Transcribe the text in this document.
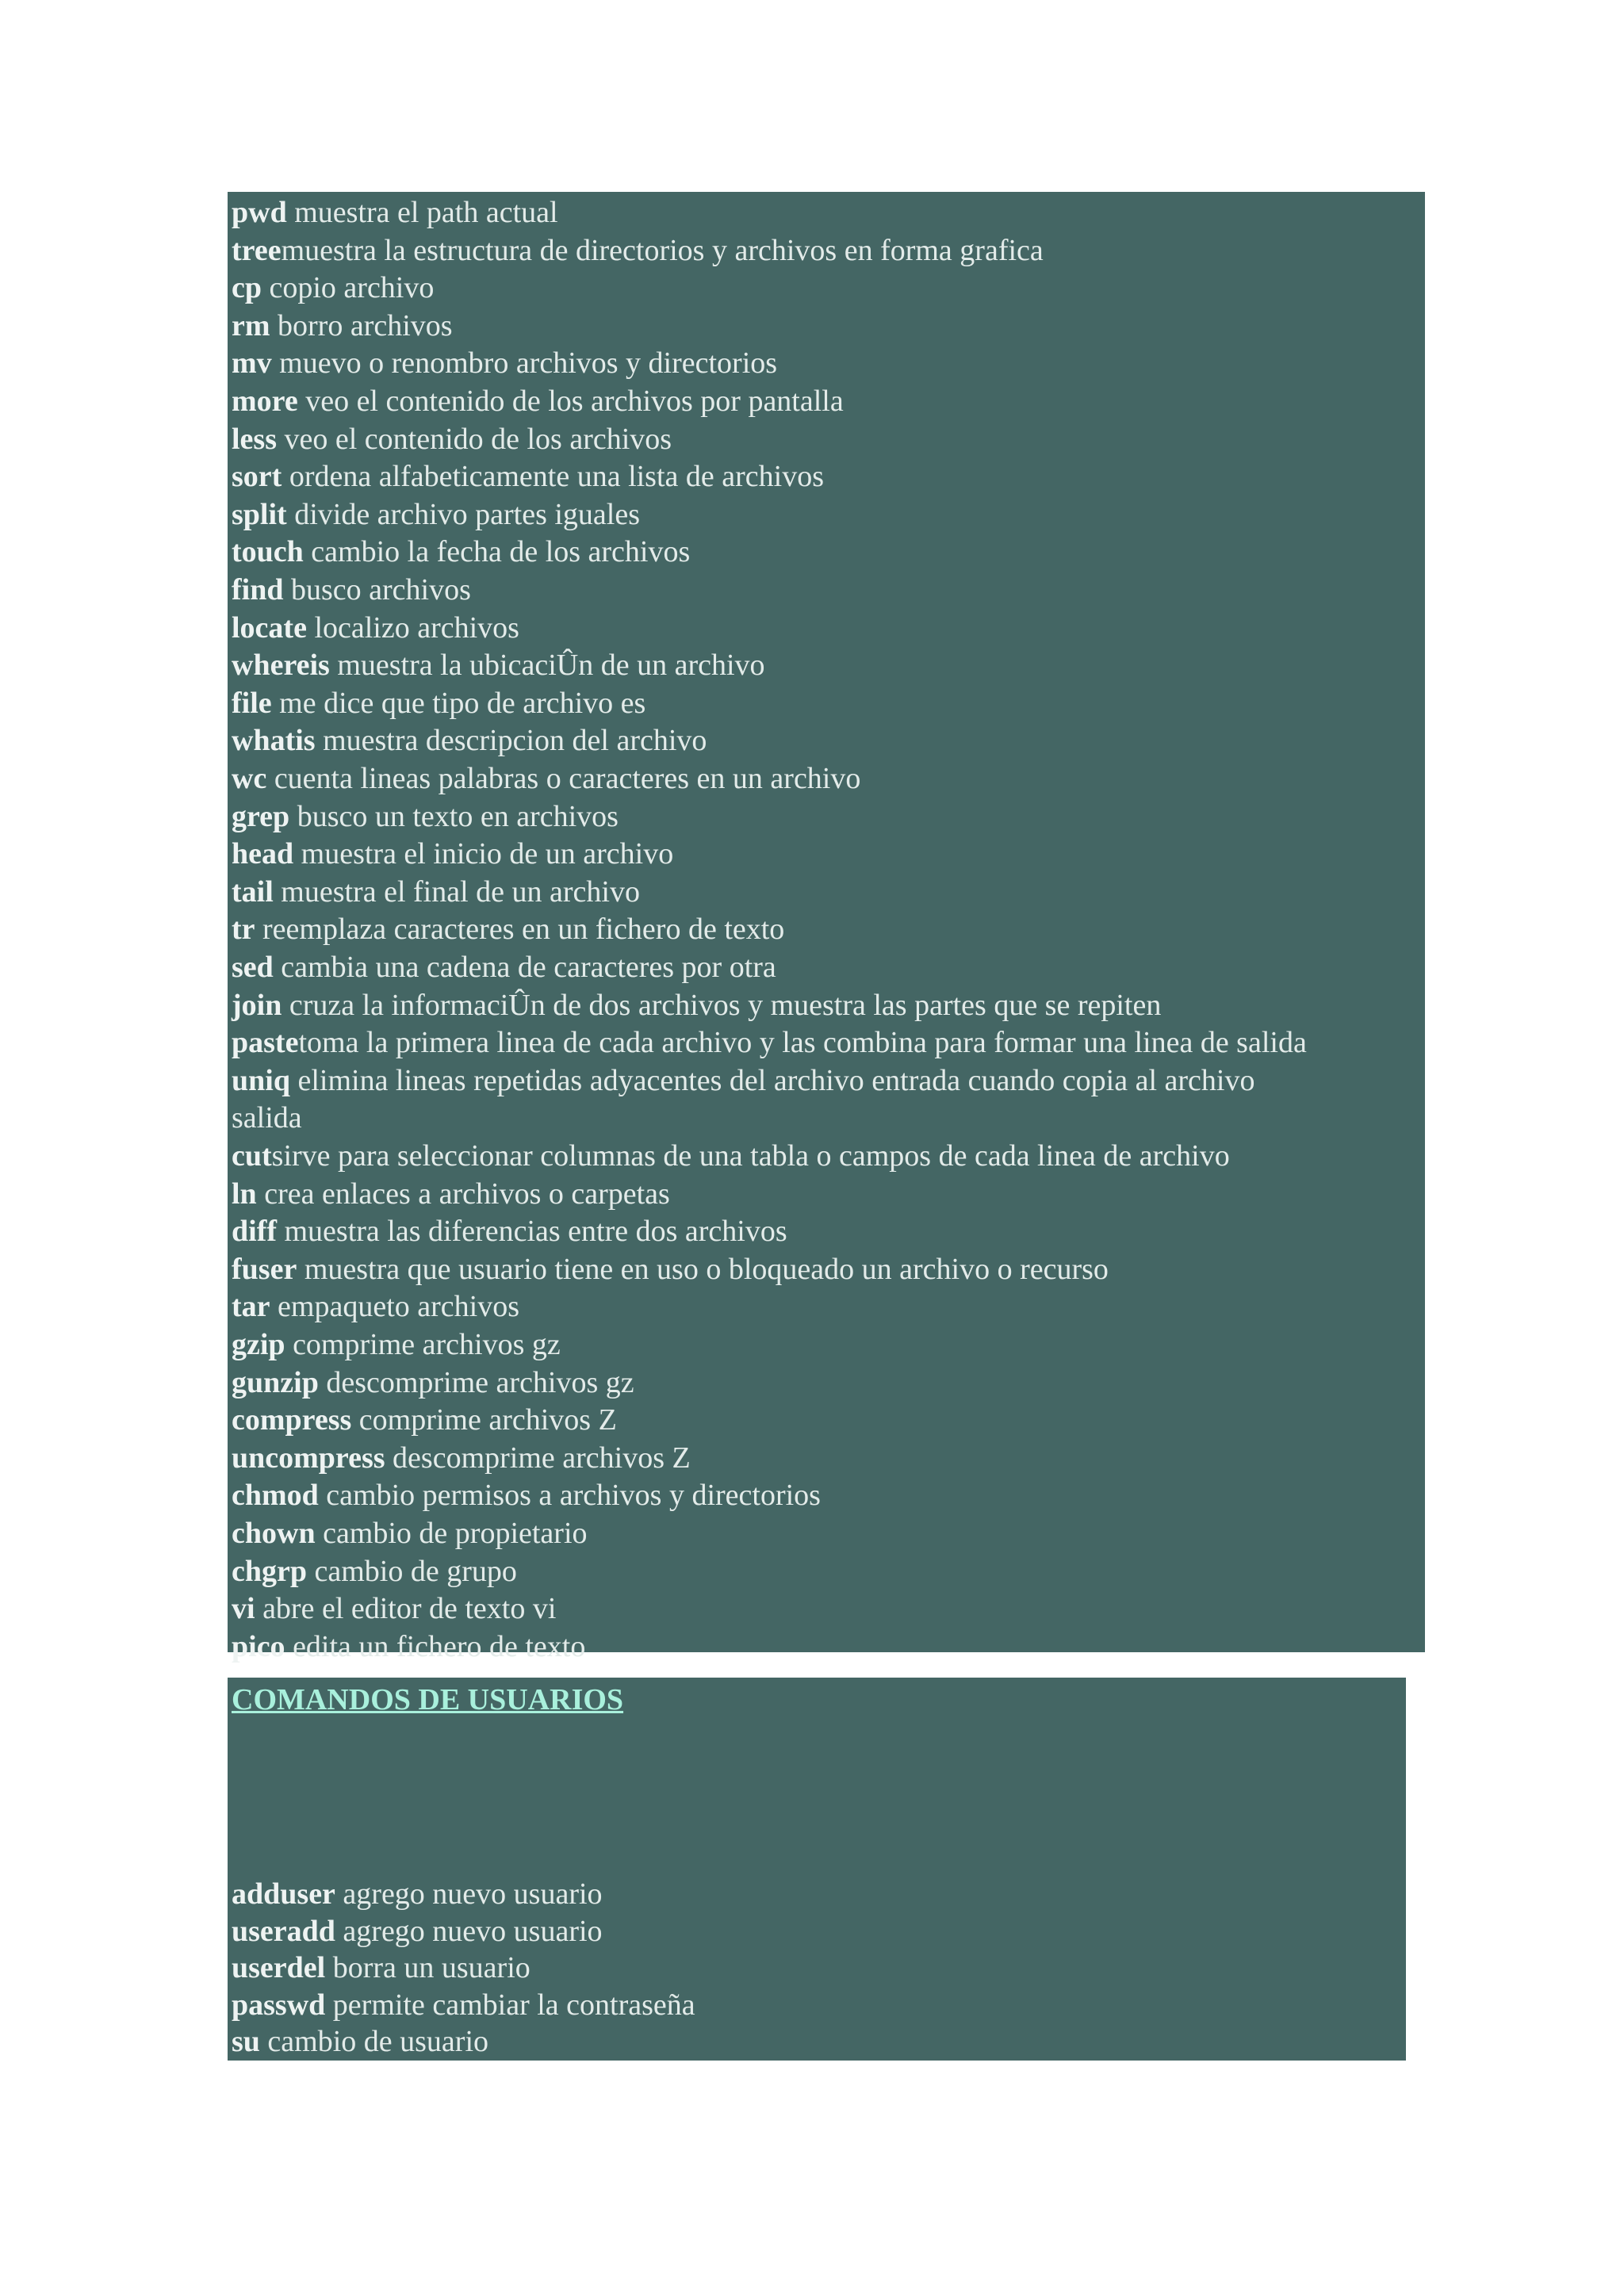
pwd muestra el path actual
treemuestra la estructura de directorios y archivos en forma grafica
cp copio archivo
rm borro archivos
mv muevo o renombro archivos y directorios
more veo el contenido de los archivos por pantalla
less veo el contenido de los archivos
sort ordena alfabeticamente una lista de archivos
split divide archivo partes iguales
touch cambio la fecha de los archivos
find busco archivos
locate localizo archivos
whereis muestra la ubicaciÛn de un archivo
file me dice que tipo de archivo es
whatis muestra descripcion del archivo
wc cuenta lineas palabras o caracteres en un archivo
grep busco un texto en archivos
head muestra el inicio de un archivo
tail muestra el final de un archivo
tr reemplaza caracteres en un fichero de texto
sed cambia una cadena de caracteres por otra
join cruza la informaciÛn de dos archivos y muestra las partes que se repiten
pastetoma la primera linea de cada archivo y las combina para formar una linea de salida
uniq elimina lineas repetidas adyacentes del archivo entrada cuando copia al archivo
salida
cutsirve para seleccionar columnas de una tabla o campos de cada linea de archivo
ln crea enlaces a archivos o carpetas
diff muestra las diferencias entre dos archivos
fuser muestra que usuario tiene en uso o bloqueado un archivo o recurso
tar empaqueto archivos
gzip comprime archivos gz
gunzip descomprime archivos gz
compress comprime archivos Z
uncompress descomprime archivos Z
chmod cambio permisos a archivos y directorios
chown cambio de propietario
chgrp cambio de grupo
vi abre el editor de texto vi
pico edita un fichero de texto
COMANDOS DE USUARIOS
adduser agrego nuevo usuario
useradd agrego nuevo usuario
userdel borra un usuario
passwd permite cambiar la contraseña
su cambio de usuario
